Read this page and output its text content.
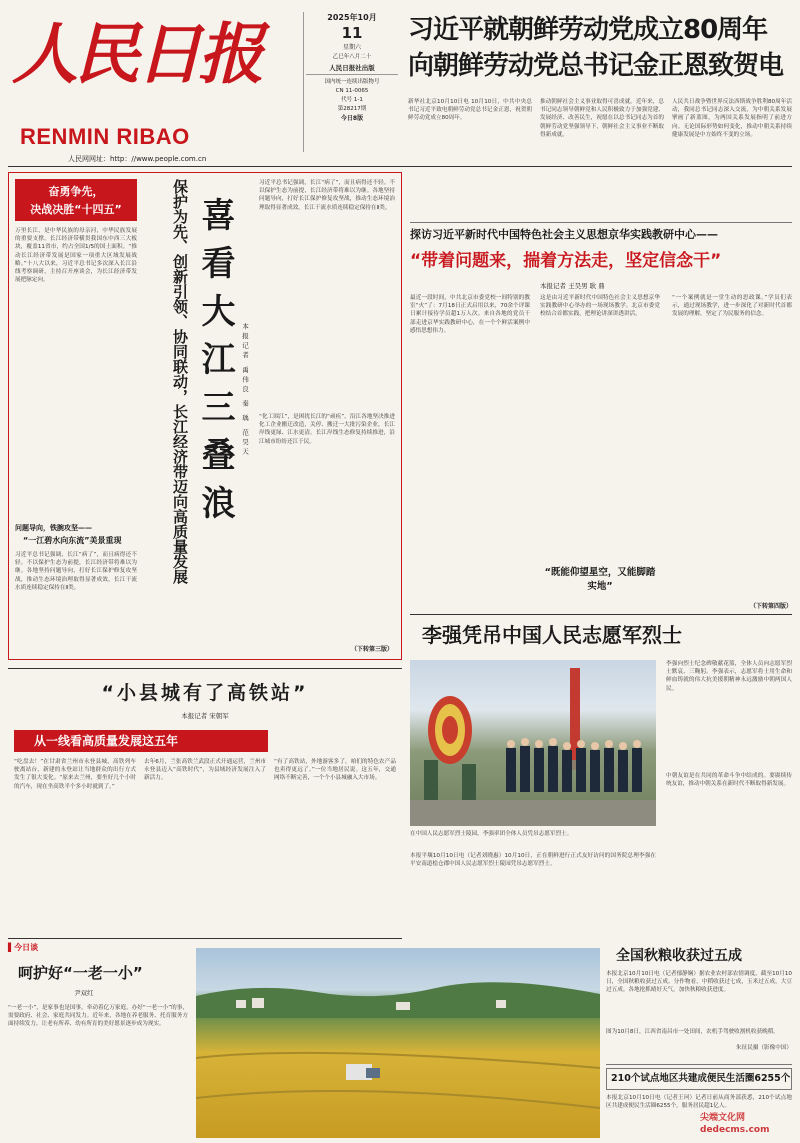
人民日报
RENMIN RIBAO
人民网网址：http：//www.people.com.cn
2025年10月
11
星期六
乙巳年八月二十
人民日报社出版
国内统一连续出版物号
CN 11-0065
代号 1-1
第28217期
今日8版
习近平就朝鲜劳动党成立80周年
向朝鲜劳动党总书记金正恩致贺电
新华社北京10月10日电 10月10日，中共中央总书记习近平致电朝鲜劳动党总书记金正恩，祝贺朝鲜劳动党成立80周年。
推动朝鲜社会主义事业取得可喜成就。近年来，总书记同志领导朝鲜党和人民积极致力于加强党建、发展经济、改善民生，祝愿在以总书记同志为首的朝鲜劳动党坚强领导下，朝鲜社会主义事业不断取得新成就。
人民共日战争暨世界反法西斯战争胜利80周年活动，我同总书记同志深入交流，为中朝关系发展擘画了新蓝图，为两国关系发展指明了前进方向。无论国际形势如何变化，推动中朝关系持续健康发展是中方始终不变的立场。
奋勇争先，
决战决胜“十四五”
万里长江，是中华民族的母亲河，中华民族发展的重要支撑。长江经济带横贯我国东中西三大板块，覆盖11省市，约占全国1/5的国土面积。“推动长江经济带发展是国家一项重大区域发展战略。”十八大以来，习近平总书记多次深入长江沿线考察调研，主持召开座谈会，为长江经济带发展把脉定向。
问题导向，铁腕攻坚——
“一江碧水向东流”美景重现
习近平总书记强调，长江“病了”，而且病得还不轻。不以保护生态为前提，长江经济带将难以为继。各地坚持问题导向，打好长江保护修复攻坚战，推动生态环境治理取得显著成效，长江干流水质连续稳定保持在Ⅱ类。
保护为先、创新引领、协同联动，长江经济带迈向高质量发展 喜看大江三叠浪 本报记者 禹伟良 秦 瑀 范昊天
习近平总书记强调，长江“病了”，而且病得还不轻。不以保护生态为前提，长江经济带将难以为继。各地坚持问题导向，打好长江保护修复攻坚战，推动生态环境治理取得显著成效，长江干流水质连续稳定保持在Ⅱ类。
“化工围江”，是困扰长江的“顽疾”。沿江各地坚决推进化工企业搬迁改造，关停、搬迁一大批污染企业，长江岸线更绿、江水更清。长江岸线生态修复持续推进，沿江城市纷纷还江于民。
（下转第三版）
探访习近平新时代中国特色社会主义思想京华实践教研中心——
“带着问题来，揣着方法走，坚定信念干”
本报记者 王昊男 耿 鼎
最近一段时间，中共北京市委党校一间特别的教室“火”了：7月18日正式启用以来，70余个评课日累计接待学员超1万人次。来自各地的党员干部走进京华实践教研中心，在一个个鲜活案例中感悟思想伟力。
这是由习近平新时代中国特色社会主义思想京华实践教研中心举办的一场现场教学。北京市委党校结合首都实践，把理论讲深讲透讲活。
“既能仰望星空，又能脚踏实地”
“一个案例就是一堂生动的思政课。”学员们表示，通过现场教学，进一步深化了对新时代首都发展的理解，坚定了为民服务的信念。
（下转第四版）
李强凭吊中国人民志愿军烈士
在中国人民志愿军烈士陵园，李强率团全体人员凭吊志愿军烈士。
本报平壤10月10日电（记者刘晓惠）10月10日，正在朝鲜进行正式友好访问的国务院总理李强在平安南道桧仓郡中国人民志愿军烈士陵园凭吊志愿军烈士。
李强向烈士纪念碑敬献花篮，全体人员向志愿军烈士默哀、三鞠躬。李强表示，志愿军将士用生命和鲜血铸就的伟大抗美援朝精神永远激励中朝两国人民。
中朝友谊是在共同的革命斗争中结成的。要赓续传统友谊，推动中朝关系在新时代不断取得新发展。
“小县城有了高铁站”
本报记者 宋朝军
从一线看高质量发展这五年
“吃盘去！”在甘肃省兰州市永登县城，高铁列车驶离站台，新建的永登站让当地群众的出行方式发生了很大变化。“原来去兰州，要坐好几个小时的汽车，现在坐高铁半个多小时就到了。”
去年6月，兰张高铁兰武段正式开通运营，兰州市永登县迈入“高铁时代”，为县域经济发展注入了新活力。
“有了高铁站，外地游客多了，咱们的特色农产品也卖得更远了。”一位当地居民说。这五年，交通网络不断完善，一个个小县城融入大市场。
▌今日谈
呵护好“一老一小”
尹双红
“一老一小”，是家事也是国事，牵动着亿万家庭。办好“一老一小”的事，需要政府、社会、家庭共同发力。近年来，各地在养老服务、托育服务方面持续发力，让老有所养、幼有所育的美好愿景逐步成为现实。
全国秋粮收获过五成
本报北京10月10日电（记者郁静娴）据农业农村部农情调度，截至10月10日，全国秋粮收获过五成。分作物看，中稻收获过七成，玉米过五成，大豆过五成。各地抢抓晴好天气，加快秋粮收获进度。
图为10月8日，江西省南昌市一处田间，农机手驾驶收割机收获晚稻。
朱征民摄（影像中国）
210个试点地区共建成便民生活圈6255个
本报北京10月10日电（记者王珂）记者日前从商务部获悉，210个试点地区共建成便民生活圈6255个，服务居民超1亿人。
尖端文化网 dedecms.com
